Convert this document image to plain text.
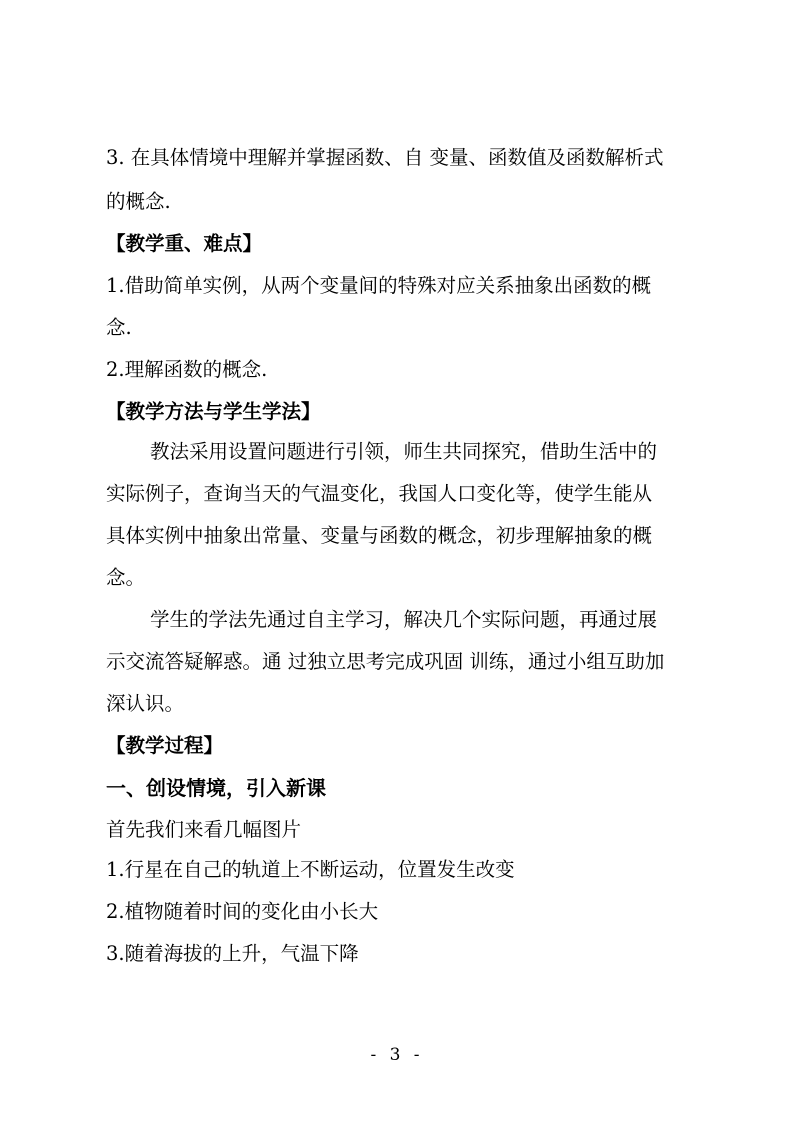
3. 在具体情境中理解并掌握函数、自 变量、函数值及函数解析式

的概念.

【教学重、难点】

1.借助简单实例，从两个变量间的特殊对应关系抽象出函数的概

念.

2.理解函数的概念.

【教学方法与学生学法】

教法采用设置问题进行引领，师生共同探究，借助生活中的

实际例子，查询当天的气温变化，我国人口变化等，使学生能从

具体实例中抽象出常量、变量与函数的概念，初步理解抽象的概

念。

学生的学法先通过自主学习，解决几个实际问题，再通过展

示交流答疑解惑。通 过独立思考完成巩固 训练，通过小组互助加

深认识。

【教学过程】

一、创设情境，引入新课

首先我们来看几幅图片

1.行星在自己的轨道上不断运动，位置发生改变

2.植物随着时间的变化由小长大

3.随着海拔的上升，气温下降

- 3 -
